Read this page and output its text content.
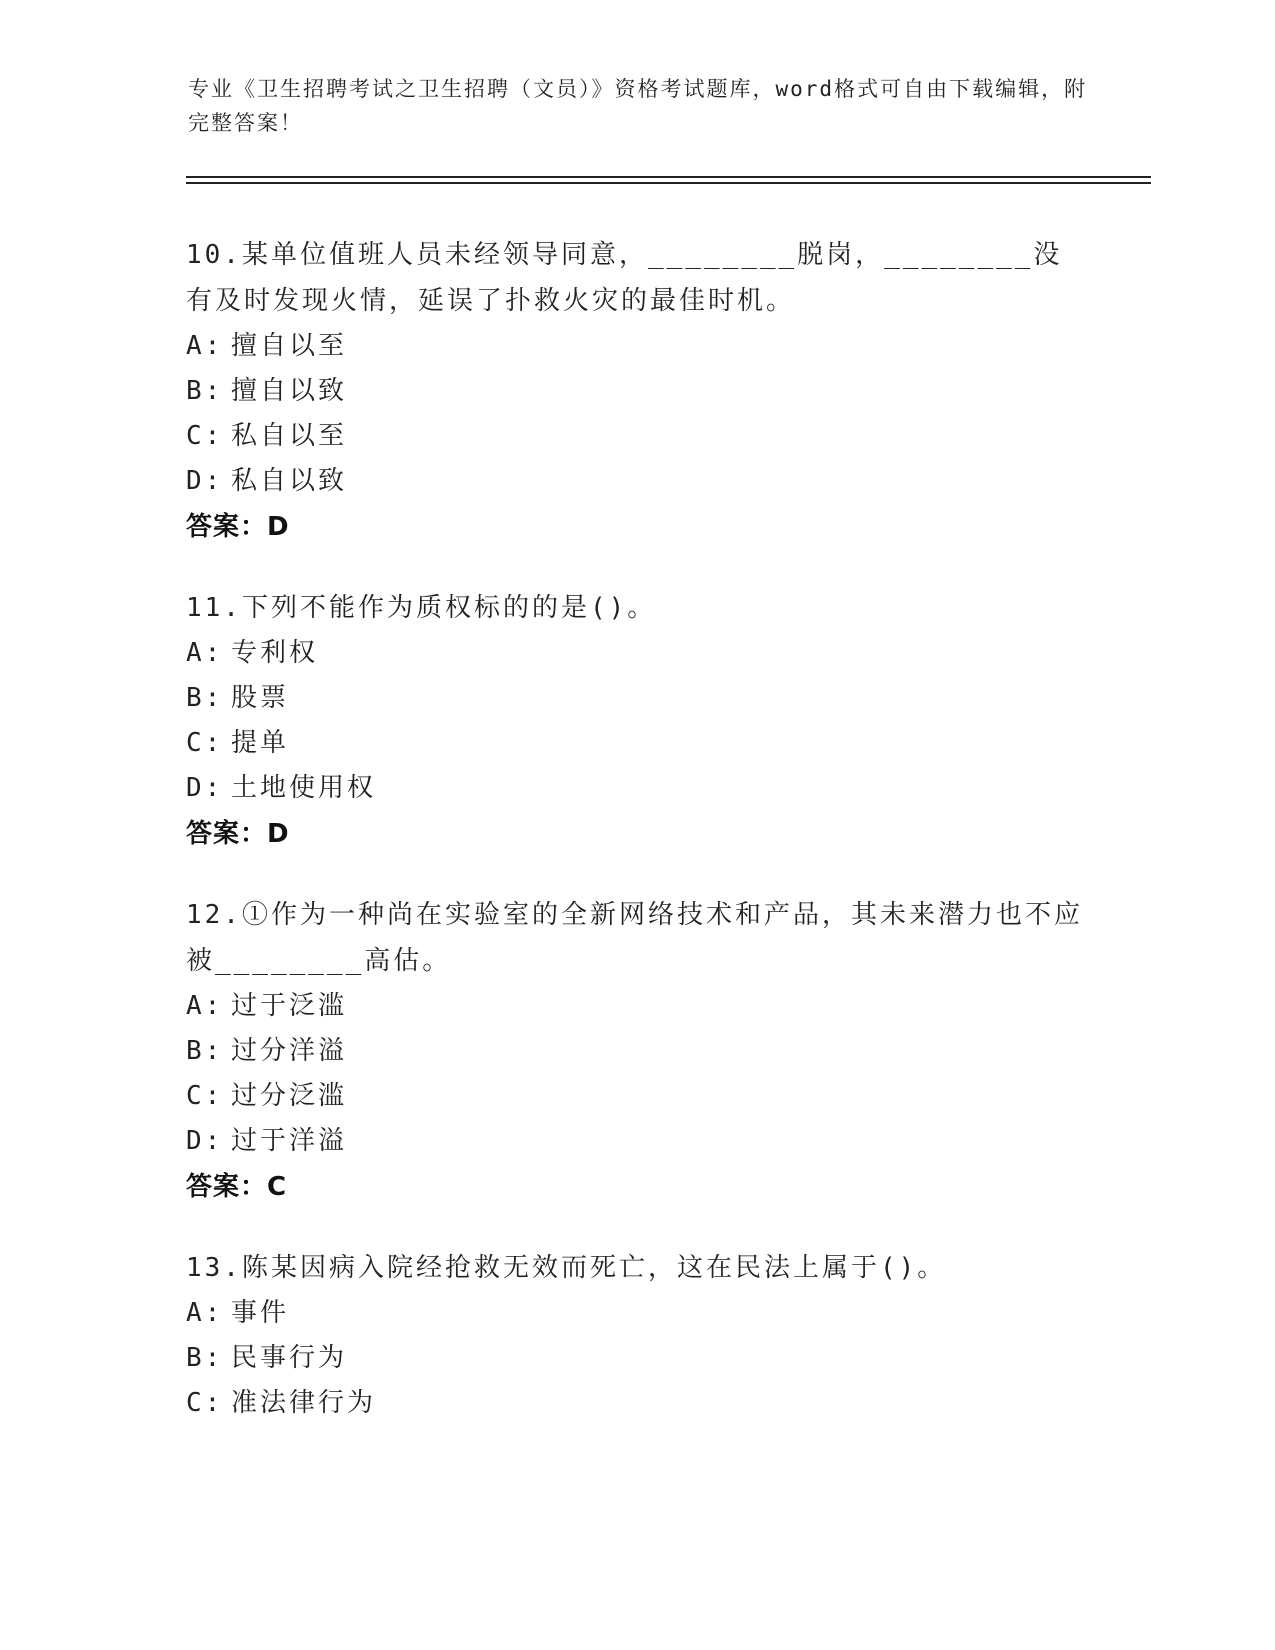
专业《卫生招聘考试之卫生招聘（文员）》资格考试题库，word格式可自由下载编辑，附完整答案！
10.某单位值班人员未经领导同意，________脱岗，________没有及时发现火情，延误了扑救火灾的最佳时机。
A: 擅自以至
B: 擅自以致
C: 私自以至
D: 私自以致
答案：D
11.下列不能作为质权标的的是()。
A: 专利权
B: 股票
C: 提单
D: 土地使用权
答案：D
12.①作为一种尚在实验室的全新网络技术和产品，其未来潜力也不应被________高估。
A: 过于泛滥
B: 过分洋溢
C: 过分泛滥
D: 过于洋溢
答案：C
13.陈某因病入院经抢救无效而死亡，这在民法上属于()。
A: 事件
B: 民事行为
C: 准法律行为
